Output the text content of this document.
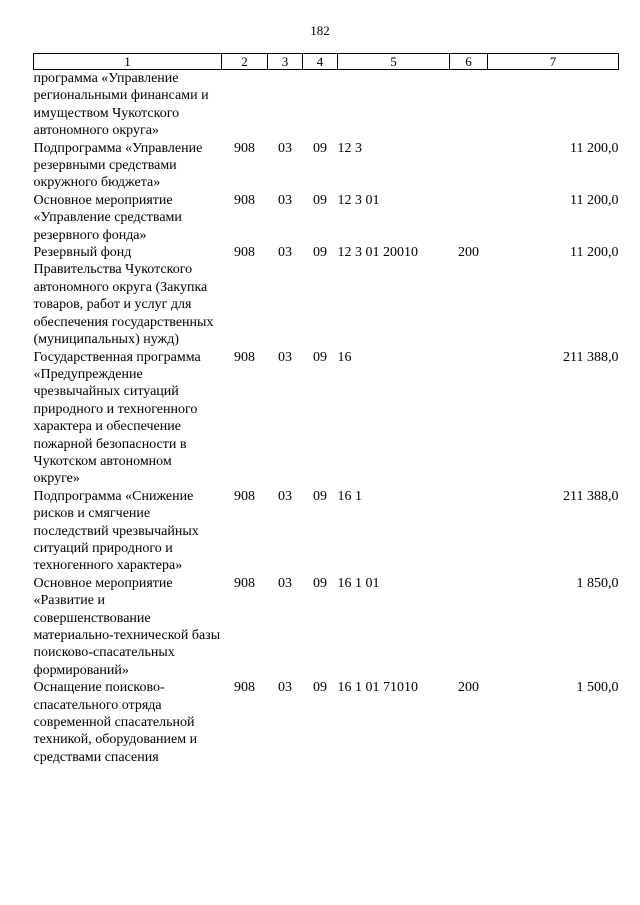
182
1	2	3	4	5	6	7
программа «Управление региональными финансами и имуществом Чукотского автономного округа»						
Подпрограмма «Управление резервными средствами окружного бюджета»	908	03	09	12 3		11 200,0
Основное мероприятие «Управление средствами резервного фонда»	908	03	09	12 3 01		11 200,0
Резервный фонд Правительства Чукотского автономного округа (Закупка товаров, работ и услуг для обеспечения государственных (муниципальных) нужд)	908	03	09	12 3 01 20010	200	11 200,0
Государственная программа «Предупреждение чрезвычайных ситуаций природного и техногенного характера и обеспечение пожарной безопасности в Чукотском автономном округе»	908	03	09	16		211 388,0
Подпрограмма «Снижение рисков и смягчение последствий чрезвычайных ситуаций природного и техногенного характера»	908	03	09	16 1		211 388,0
Основное мероприятие «Развитие и совершенствование материально-технической базы поисково-спасательных формирований»	908	03	09	16 1 01		1 850,0
Оснащение поисково-спасательного отряда современной спасательной техникой, оборудованием и средствами спасения	908	03	09	16 1 01 71010	200	1 500,0
